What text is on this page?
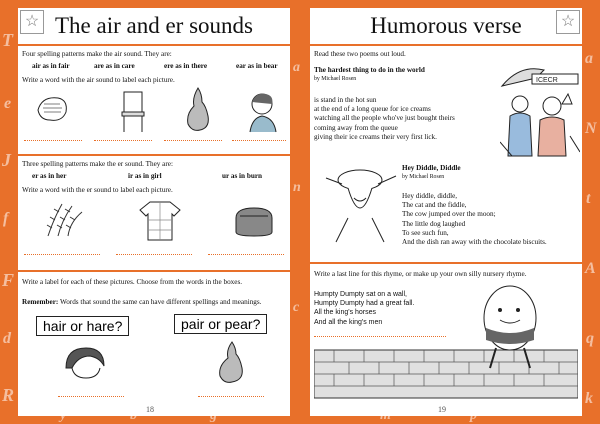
T
e
J
f
F
d
R
a
n
c
a
N
t
A
q
k
☆ The air and er sounds
Four spelling patterns make the air sound. They are:
air as in fair	are as in care	ere as in there	ear as in bear
Write a word with the air sound to label each picture.
Three spelling patterns make the er sound. They are:
er as in her	ir as in girl	ur as in burn
Write a word with the er sound to label each picture.
Write a label for each of these pictures. Choose from the words in the boxes.
Remember: Words that sound the same can have different spellings and meanings.
hair or hare?	pair or pear?
18
☆
Humorous verse
Read these two poems out loud.
The hardest thing to do in the world
by Michael Rosen
is stand in the hot sun
at the end of a long queue for ice creams
watching all the people who've just bought theirs
coming away from the queue
giving their ice creams their very first lick.
ICECR
Hey Diddle, Diddle
by Michael Rosen
Hey diddle, diddle,
The cat and the fiddle,
The cow jumped over the moon;
The little dog laughed
To see such fun,
And the dish ran away with the chocolate biscuits.
Write a last line for this rhyme, or make up your own silly nursery rhyme.
Humpty Dumpty sat on a wall,
Humpty Dumpty had a great fall.
All the king's horses
And all the king's men
19
